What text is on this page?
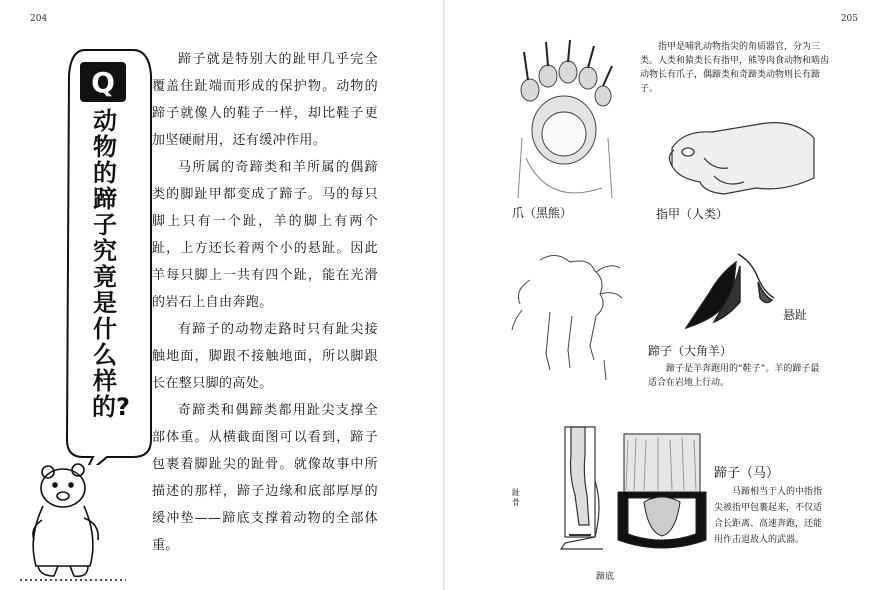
204	205
Q
动物的蹄子究竟是什么样的?

蹄子就是特别大的趾甲几乎完全覆盖住趾端而形成的保护物。动物的蹄子就像人的鞋子一样，却比鞋子更加坚硬耐用，还有缓冲作用。

马所属的奇蹄类和羊所属的偶蹄类的脚趾甲都变成了蹄子。马的每只脚上只有一个趾，羊的脚上有两个趾，上方还长着两个小的悬趾。因此羊每只脚上一共有四个趾，能在光滑的岩石上自由奔跑。

有蹄子的动物走路时只有趾尖接触地面，脚跟不接触地面，所以脚跟长在整只脚的高处。

奇蹄类和偶蹄类都用趾尖支撑全部体重。从横截面图可以看到，蹄子包裹着脚趾尖的趾骨。就像故事中所描述的那样，蹄子边缘和底部厚厚的缓冲垫——蹄底支撑着动物的全部体重。

爪（黑熊）

指甲是哺乳动物指尖的角质器官，分为三类。人类和猿类长有指甲，熊等肉食动物和啮齿动物长有爪子，偶蹄类和奇蹄类动物则长有蹄子。

指甲（人类）
悬趾
蹄子（大角羊）

蹄子是羊奔跑用的“鞋子”。羊的蹄子最适合在岩地上行动。

趾骨
蹄底
蹄子（马）

马蹄相当于人的中指指尖被指甲包裹起来，不仅适合长距离、高速奔跑，还能用作击退敌人的武器。
